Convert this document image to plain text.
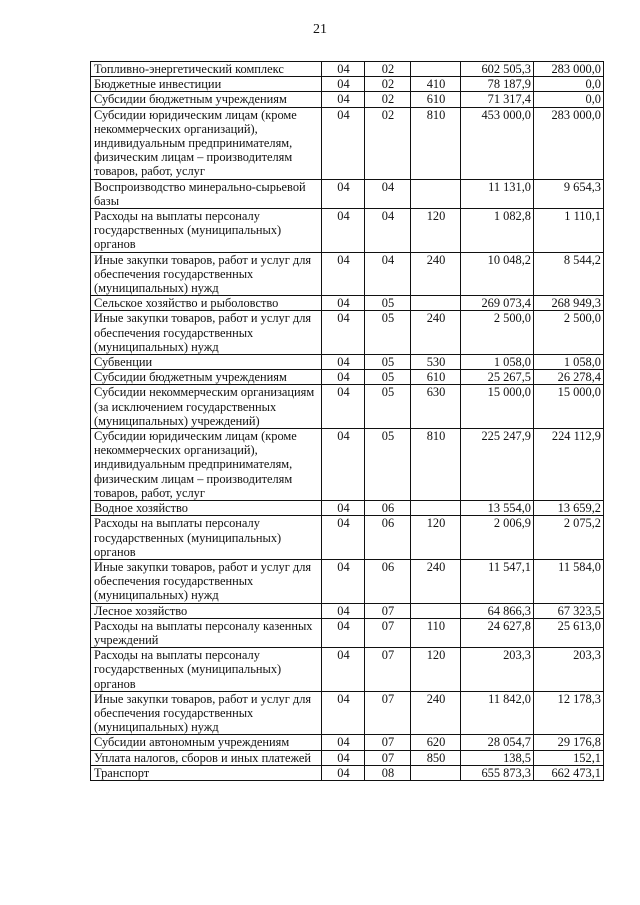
21
Топливно-энергетический комплекс	04	02		602 505,3	283 000,0
Бюджетные инвестиции	04	02	410	78 187,9	0,0
Субсидии бюджетным учреждениям	04	02	610	71 317,4	0,0
Субсидии юридическим лицам (кроме некоммерческих организаций), индивидуальным предпринимателям, физическим лицам – производителям товаров, работ, услуг	04	02	810	453 000,0	283 000,0
Воспроизводство минерально-сырьевой базы	04	04		11 131,0	9 654,3
Расходы на выплаты персоналу государственных (муниципальных) органов	04	04	120	1 082,8	1 110,1
Иные закупки товаров, работ и услуг для обеспечения государственных (муниципальных) нужд	04	04	240	10 048,2	8 544,2
Сельское хозяйство и рыболовство	04	05		269 073,4	268 949,3
Иные закупки товаров, работ и услуг для обеспечения государственных (муниципальных) нужд	04	05	240	2 500,0	2 500,0
Субвенции	04	05	530	1 058,0	1 058,0
Субсидии бюджетным учреждениям	04	05	610	25 267,5	26 278,4
Субсидии некоммерческим организациям (за исключением государственных (муниципальных) учреждений)	04	05	630	15 000,0	15 000,0
Субсидии юридическим лицам (кроме некоммерческих организаций), индивидуальным предпринимателям, физическим лицам – производителям товаров, работ, услуг	04	05	810	225 247,9	224 112,9
Водное хозяйство	04	06		13 554,0	13 659,2
Расходы на выплаты персоналу государственных (муниципальных) органов	04	06	120	2 006,9	2 075,2
Иные закупки товаров, работ и услуг для обеспечения государственных (муниципальных) нужд	04	06	240	11 547,1	11 584,0
Лесное хозяйство	04	07		64 866,3	67 323,5
Расходы на выплаты персоналу казенных учреждений	04	07	110	24 627,8	25 613,0
Расходы на выплаты персоналу государственных (муниципальных) органов	04	07	120	203,3	203,3
Иные закупки товаров, работ и услуг для обеспечения государственных (муниципальных) нужд	04	07	240	11 842,0	12 178,3
Субсидии автономным учреждениям	04	07	620	28 054,7	29 176,8
Уплата налогов, сборов и иных платежей	04	07	850	138,5	152,1
Транспорт	04	08		655 873,3	662 473,1
